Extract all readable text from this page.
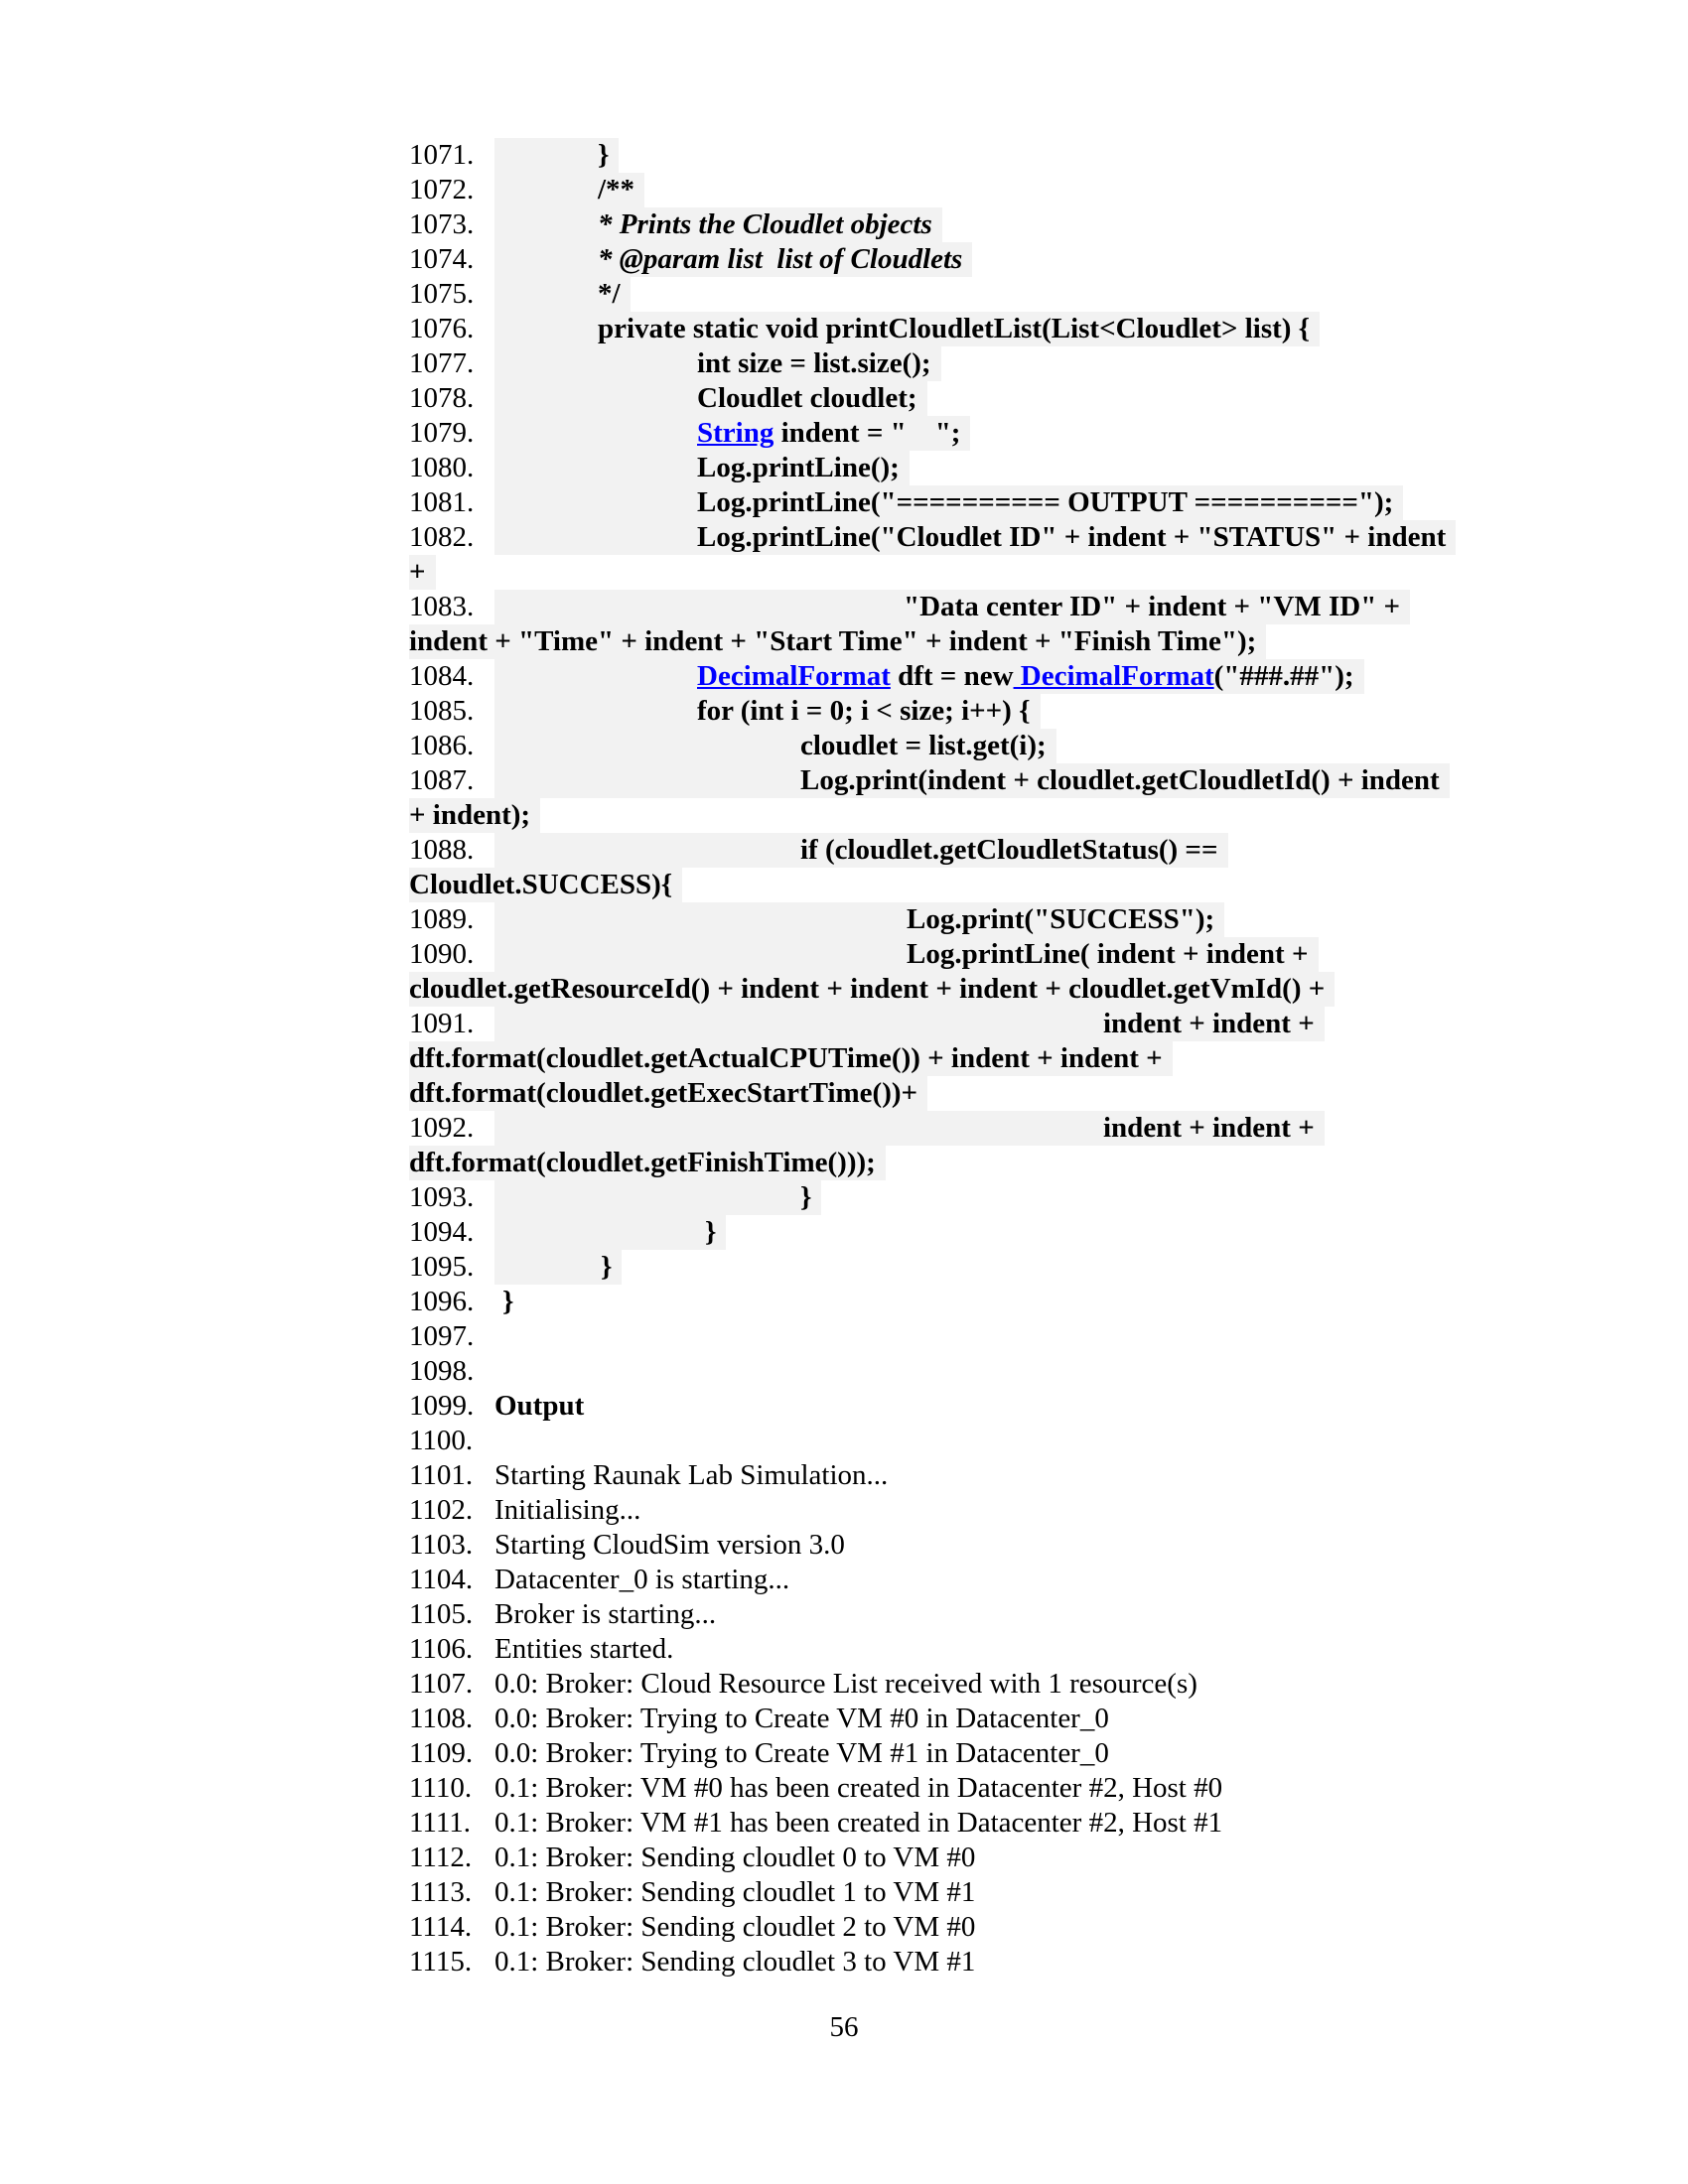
1071.	}
1072.	/**
1073.	* Prints the Cloudlet objects
1074.	* @param list  list of Cloudlets
1075.	*/
1076.	private static void printCloudletList(List<Cloudlet> list) {
1077.	int size = list.size();
1078.	Cloudlet cloudlet;
1079.	String indent = "    ";
1080.	Log.printLine();
1081.	Log.printLine("========== OUTPUT ==========");
1082.	Log.printLine("Cloudlet ID" + indent + "STATUS" + indent
+
1083.	"Data center ID" + indent + "VM ID" +
indent + "Time" + indent + "Start Time" + indent + "Finish Time");
1084.	DecimalFormat dft = new DecimalFormat("###.##");
1085.	for (int i = 0; i < size; i++) {
1086.	cloudlet = list.get(i);
1087.	Log.print(indent + cloudlet.getCloudletId() + indent
+ indent);
1088.	if (cloudlet.getCloudletStatus() ==
Cloudlet.SUCCESS){
1089.	Log.print("SUCCESS");
1090.	Log.printLine( indent + indent +
cloudlet.getResourceId() + indent + indent + indent + cloudlet.getVmId() +
1091.	indent + indent +
dft.format(cloudlet.getActualCPUTime()) + indent + indent +
dft.format(cloudlet.getExecStartTime())+
1092.	indent + indent +
dft.format(cloudlet.getFinishTime()));
1093.	}
1094.	}
1095.	}
1096. }
1097.
1098.
1099. Output
1100.
1101. Starting Raunak Lab Simulation...
1102. Initialising...
1103. Starting CloudSim version 3.0
1104. Datacenter_0 is starting...
1105. Broker is starting...
1106. Entities started.
1107. 0.0: Broker: Cloud Resource List received with 1 resource(s)
1108. 0.0: Broker: Trying to Create VM #0 in Datacenter_0
1109. 0.0: Broker: Trying to Create VM #1 in Datacenter_0
1110. 0.1: Broker: VM #0 has been created in Datacenter #2, Host #0
1111. 0.1: Broker: VM #1 has been created in Datacenter #2, Host #1
1112. 0.1: Broker: Sending cloudlet 0 to VM #0
1113. 0.1: Broker: Sending cloudlet 1 to VM #1
1114. 0.1: Broker: Sending cloudlet 2 to VM #0
1115. 0.1: Broker: Sending cloudlet 3 to VM #1
56
